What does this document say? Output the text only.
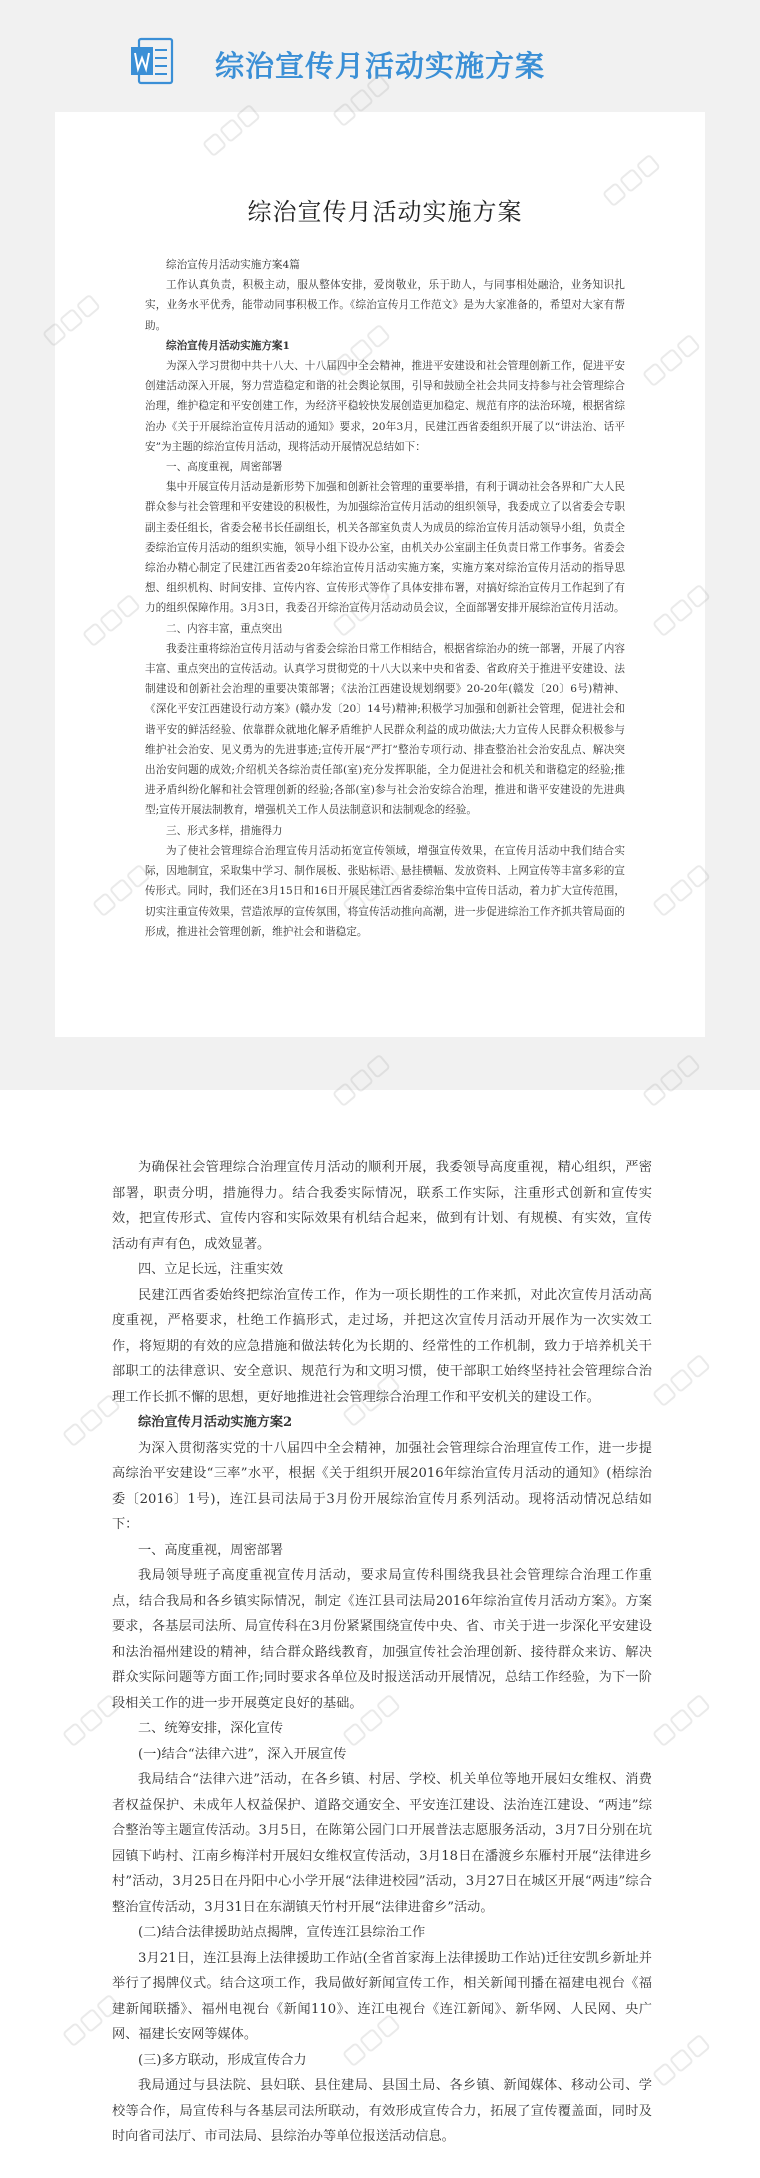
综治宣传月活动实施方案
综治宣传月活动实施方案

综治宣传月活动实施方案4篇

工作认真负责，积极主动，服从整体安排，爱岗敬业，乐于助人，与同事相处融洽，业务知识扎实，业务水平优秀，能带动同事积极工作。《综治宣传月工作范文》是为大家准备的，希望对大家有帮助。

综治宣传月活动实施方案1

为深入学习贯彻中共十八大、十八届四中全会精神，推进平安建设和社会管理创新工作，促进平安创建活动深入开展，努力营造稳定和谐的社会舆论氛围，引导和鼓励全社会共同支持参与社会管理综合治理，维护稳定和平安创建工作，为经济平稳较快发展创造更加稳定、规范有序的法治环境，根据省综治办《关于开展综治宣传月活动的通知》要求，20年3月，民建江西省委组织开展了以“讲法治、话平安”为主题的综治宣传月活动，现将活动开展情况总结如下：

一、高度重视，周密部署

集中开展宣传月活动是新形势下加强和创新社会管理的重要举措，有利于调动社会各界和广大人民群众参与社会管理和平安建设的积极性，为加强综治宣传月活动的组织领导，我委成立了以省委会专职副主委任组长，省委会秘书长任副组长，机关各部室负责人为成员的综治宣传月活动领导小组，负责全委综治宣传月活动的组织实施，领导小组下设办公室，由机关办公室副主任负责日常工作事务。省委会综治办精心制定了民建江西省委20年综治宣传月活动实施方案，实施方案对综治宣传月活动的指导思想、组织机构、时间安排、宣传内容、宣传形式等作了具体安排布署，对搞好综治宣传月工作起到了有力的组织保障作用。3月3日，我委召开综治宣传月活动动员会议，全面部署安排开展综治宣传月活动。

二、内容丰富，重点突出

我委注重将综治宣传月活动与省委会综治日常工作相结合，根据省综治办的统一部署，开展了内容丰富、重点突出的宣传活动。认真学习贯彻党的十八大以来中央和省委、省政府关于推进平安建设、法制建设和创新社会治理的重要决策部署；《法治江西建设规划纲要》20-20年(赣发〔20〕6号)精神、《深化平安江西建设行动方案》(赣办发〔20〕14号)精神;积极学习加强和创新社会管理，促进社会和谐平安的鲜活经验、依靠群众就地化解矛盾维护人民群众利益的成功做法;大力宣传人民群众积极参与维护社会治安、见义勇为的先进事迹;宣传开展“严打”整治专项行动、排查整治社会治安乱点、解决突出治安问题的成效;介绍机关各综治责任部(室)充分发挥职能，全力促进社会和机关和谐稳定的经验;推进矛盾纠纷化解和社会管理创新的经验;各部(室)参与社会治安综合治理，推进和谐平安建设的先进典型;宣传开展法制教育，增强机关工作人员法制意识和法制观念的经验。

三、形式多样，措施得力

为了使社会管理综合治理宣传月活动拓宽宣传领域，增强宣传效果，在宣传月活动中我们结合实际，因地制宜，采取集中学习、制作展板、张贴标语、悬挂横幅、发放资料、上网宣传等丰富多彩的宣传形式。同时，我们还在3月15日和16日开展民建江西省委综治集中宣传日活动，着力扩大宣传范围，切实注重宣传效果，营造浓厚的宣传氛围，将宣传活动推向高潮，进一步促进综治工作齐抓共管局面的形成，推进社会管理创新，维护社会和谐稳定。

为确保社会管理综合治理宣传月活动的顺利开展，我委领导高度重视，精心组织，严密部署，职责分明，措施得力。结合我委实际情况，联系工作实际，注重形式创新和宣传实效，把宣传形式、宣传内容和实际效果有机结合起来，做到有计划、有规模、有实效，宣传活动有声有色，成效显著。

四、立足长远，注重实效

民建江西省委始终把综治宣传工作，作为一项长期性的工作来抓，对此次宣传月活动高度重视，严格要求，杜绝工作搞形式，走过场，并把这次宣传月活动开展作为一次实效工作，将短期的有效的应急措施和做法转化为长期的、经常性的工作机制，致力于培养机关干部职工的法律意识、安全意识、规范行为和文明习惯，使干部职工始终坚持社会管理综合治理工作长抓不懈的思想，更好地推进社会管理综合治理工作和平安机关的建设工作。

综治宣传月活动实施方案2

为深入贯彻落实党的十八届四中全会精神，加强社会管理综合治理宣传工作，进一步提高综治平安建设“三率”水平，根据《关于组织开展2016年综治宣传月活动的通知》(梧综治委〔2016〕1号)，连江县司法局于3月份开展综治宣传月系列活动。现将活动情况总结如下：

一、高度重视，周密部署

我局领导班子高度重视宣传月活动，要求局宣传科围绕我县社会管理综合治理工作重点，结合我局和各乡镇实际情况，制定《连江县司法局2016年综治宣传月活动方案》。方案要求，各基层司法所、局宣传科在3月份紧紧围绕宣传中央、省、市关于进一步深化平安建设和法治福州建设的精神，结合群众路线教育，加强宣传社会治理创新、接待群众来访、解决群众实际问题等方面工作;同时要求各单位及时报送活动开展情况，总结工作经验，为下一阶段相关工作的进一步开展奠定良好的基础。

二、统筹安排，深化宣传

(一)结合“法律六进”，深入开展宣传

我局结合“法律六进”活动，在各乡镇、村居、学校、机关单位等地开展妇女维权、消费者权益保护、未成年人权益保护、道路交通安全、平安连江建设、法治连江建设、“两违”综合整治等主题宣传活动。3月5日，在陈第公园门口开展普法志愿服务活动，3月7日分别在坑园镇下屿村、江南乡梅洋村开展妇女维权宣传活动，3月18日在潘渡乡东雁村开展“法律进乡村”活动，3月25日在丹阳中心小学开展“法律进校园”活动，3月27日在城区开展“两违”综合整治宣传活动，3月31日在东湖镇天竹村开展“法律进畲乡”活动。

(二)结合法律援助站点揭牌，宣传连江县综治工作

3月21日，连江县海上法律援助工作站(全省首家海上法律援助工作站)迁往安凯乡新址并举行了揭牌仪式。结合这项工作，我局做好新闻宣传工作，相关新闻刊播在福建电视台《福建新闻联播》、福州电视台《新闻110》、连江电视台《连江新闻》、新华网、人民网、央广网、福建长安网等媒体。

(三)多方联动，形成宣传合力

我局通过与县法院、县妇联、县住建局、县国土局、各乡镇、新闻媒体、移动公司、学校等合作，局宣传科与各基层司法所联动，有效形成宣传合力，拓展了宣传覆盖面，同时及时向省司法厅、市司法局、县综治办等单位报送活动信息。
